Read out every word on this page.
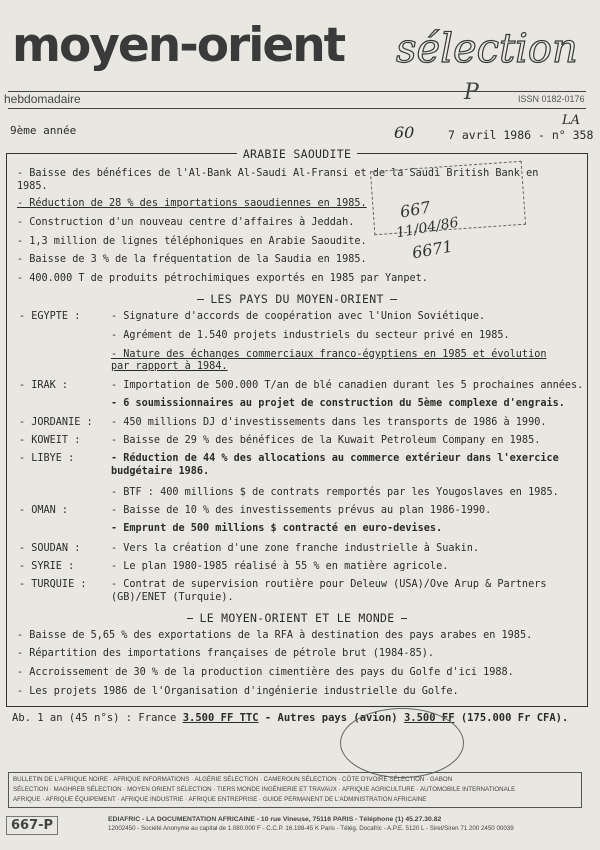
moyen-orient sélection
P
hebdomadaire	ISSN 0182-0176
9ème année	60	7 avril 1986 - n° 358
LA
ARABIE SAOUDITE
- Baisse des bénéfices de l'Al-Bank Al-Saudi Al-Fransi et de la Saudi British Bank en
1985.
- Réduction de 28 % des importations saoudiennes en 1985.
- Construction d'un nouveau centre d'affaires à Jeddah.
- 1,3 million de lignes téléphoniques en Arabie Saoudite.
- Baisse de 3 % de la fréquentation de la Saudia en 1985.
- 400.000 T de produits pétrochimiques exportés en 1985 par Yanpet.
LES PAYS DU MOYEN-ORIENT
- EGYPTE :	- Signature d'accords de coopération avec l'Union Soviétique.
- Agrément de 1.540 projets industriels du secteur privé en 1985.
- Nature des échanges commerciaux franco-égyptiens en 1985 et évolution
par rapport à 1984.
- IRAK :	- Importation de 500.000 T/an de blé canadien durant les 5 prochaines années.
- 6 soumissionnaires au projet de construction du 5ème complexe d'engrais.
- JORDANIE : - 450 millions DJ d'investissements dans les transports de 1986 à 1990.
- KOWEIT :	- Baisse de 29 % des bénéfices de la Kuwait Petroleum Company en 1985.
- LIBYE :	- Réduction de 44 % des allocations au commerce extérieur dans l'exercice
budgétaire 1986.
- BTF : 400 millions $ de contrats remportés par les Yougoslaves en 1985.
- OMAN :	- Baisse de 10 % des investissements prévus au plan 1986-1990.
- Emprunt de 500 millions $ contracté en euro-devises.
- SOUDAN :	- Vers la création d'une zone franche industrielle à Suakin.
- SYRIE :	- Le plan 1980-1985 réalisé à 55 % en matière agricole.
- TURQUIE : - Contrat de supervision routière pour Deleuw (USA)/Ove Arup & Partners
(GB)/ENET (Turquie).
LE MOYEN-ORIENT ET LE MONDE
- Baisse de 5,65 % des exportations de la RFA à destination des pays arabes en 1985.
- Répartition des importations françaises de pétrole brut (1984-85).
- Accroissement de 30 % de la production cimentière des pays du Golfe d'ici 1988.
- Les projets 1986 de l'Organisation d'ingénierie industrielle du Golfe.
667
11/04/86
6671
Ab. 1 an (45 n°s) : France 3.500 FF TTC - Autres pays (avion) 3.500 FF (175.000 Fr CFA).
BULLETIN DE L'AFRIQUE NOIRE · AFRIQUE INFORMATIONS · ALGÉRIE SÉLECTION · CAMEROUN SÉLECTION · CÔTE D'IVOIRE SÉLECTION · GABON
SÉLECTION · MAGHREB SÉLECTION · MOYEN ORIENT SÉLECTION · TIERS MONDE INGÉNIERIE ET TRAVAUX · AFRIQUE AGRICULTURE · AUTOMOBILE INTERNATIONALE
AFRIQUE · AFRIQUE ÉQUIPEMENT · AFRIQUE INDUSTRIE · AFRIQUE ENTREPRISE · GUIDE PERMANENT DE L'ADMINISTRATION AFRICAINE
667-P	EDIAFRIC - LA DOCUMENTATION AFRICAINE - 10 rue Vineuse, 75116 PARIS - Téléphone (1) 45.27.30.82
12002450 - Société Anonyme au capital de 1.080.000 F - C.C.P. 16.198-45 K Paris - Télég. Docafric - A.P.E. 5120 L - Siret/Siren 71 200 2450 00039
